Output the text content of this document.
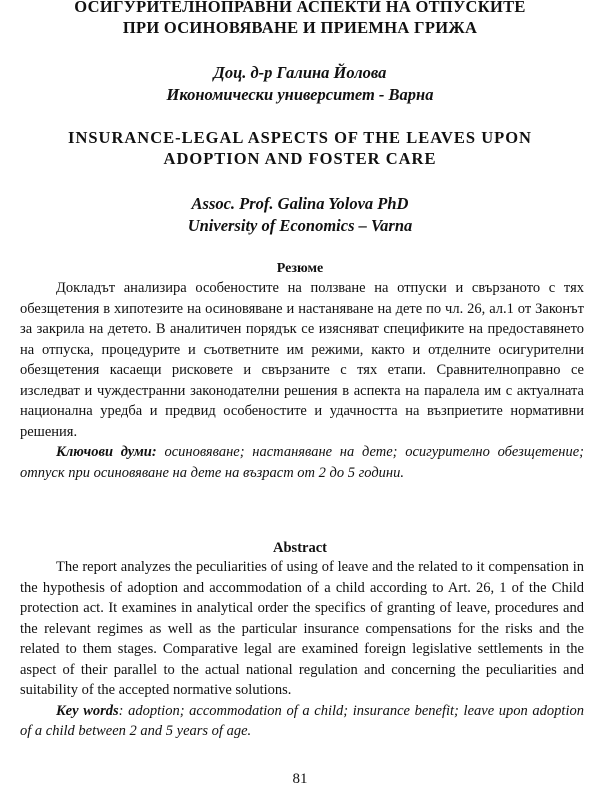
ОСИГУРИТЕЛНОПРАВНИ АСПЕКТИ НА ОТПУСКИТЕ
ПРИ ОСИНОВЯВАНЕ И ПРИЕМНА ГРИЖА
Доц. д-р Галина Йолова
Икономически университет - Варна
INSURANCE-LEGAL ASPECTS OF THE LEAVES UPON
ADOPTION AND FOSTER CARE
Assoc. Prof. Galina Yolova PhD
University of Economics – Varna
Резюме
Докладът анализира особеностите на ползване на отпуски и свързаното с тях обезщетения в хипотезите на осиновяване и настаняване на дете по чл. 26, ал.1 от Законът за закрила на детето. В аналитичен порядък се изясняват спецификите на предоставянето на отпуска, процедурите и съответните им режими, както и отделните осигурителни обезщетения касаещи рисковете и свързаните с тях етапи. Сравнителноправно се изследват и чуждестранни законодателни решения в аспекта на паралела им с актуалната национална уредба и предвид особеностите и удачността на възприетите нормативни решения.
Ключови думи: осиновяване; настаняване на дете; осигурително обезщетение; отпуск при осиновяване на дете на възраст от 2 до 5 години.
Abstract
The report analyzes the peculiarities of using of leave and the related to it compensation in the hypothesis of adoption and accommodation of a child according to Art. 26, 1 of the Child protection act. It examines in analytical order the specifics of granting of leave, procedures and the relevant regimes as well as the particular insurance compensations for the risks and the related to them stages. Comparative legal are examined foreign legislative settlements in the aspect of their parallel to the actual national regulation and concerning the peculiarities and suitability of the accepted normative solutions.
Key words: adoption; accommodation of a child; insurance benefit; leave upon adoption of a child between 2 and 5 years of age.
81
